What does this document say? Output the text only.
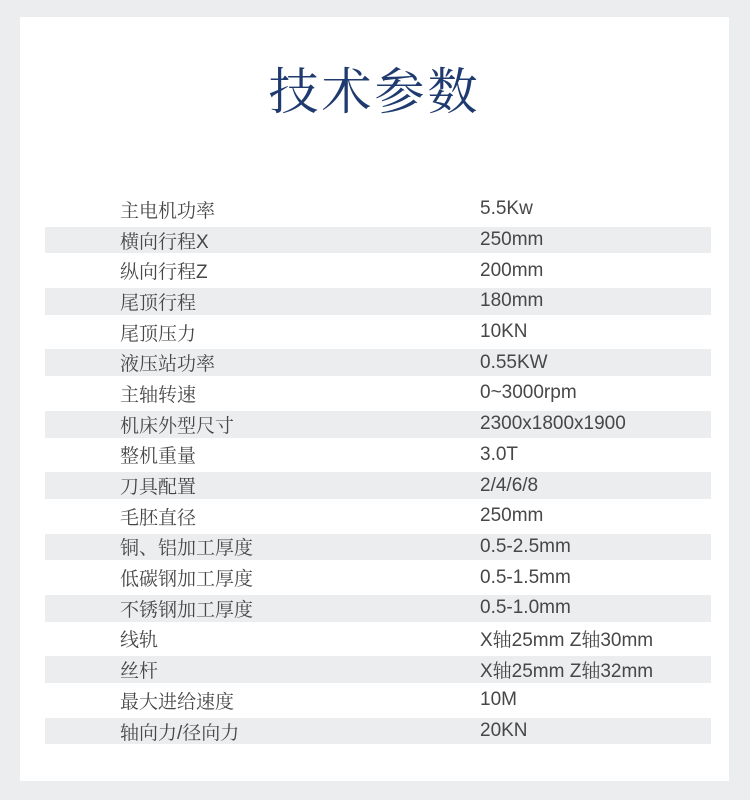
技术参数
主电机功率	5.5Kw
横向行程X	250mm
纵向行程Z	200mm
尾顶行程	180mm
尾顶压力	10KN
液压站功率	0.55KW
主轴转速	0~3000rpm
机床外型尺寸	2300x1800x1900
整机重量	3.0T
刀具配置	2/4/6/8
毛胚直径	250mm
铜、铝加工厚度	0.5-2.5mm
低碳钢加工厚度	0.5-1.5mm
不锈钢加工厚度	0.5-1.0mm
线轨	X轴25mm Z轴30mm
丝杆	X轴25mm Z轴32mm
最大进给速度	10M
轴向力/径向力	20KN
